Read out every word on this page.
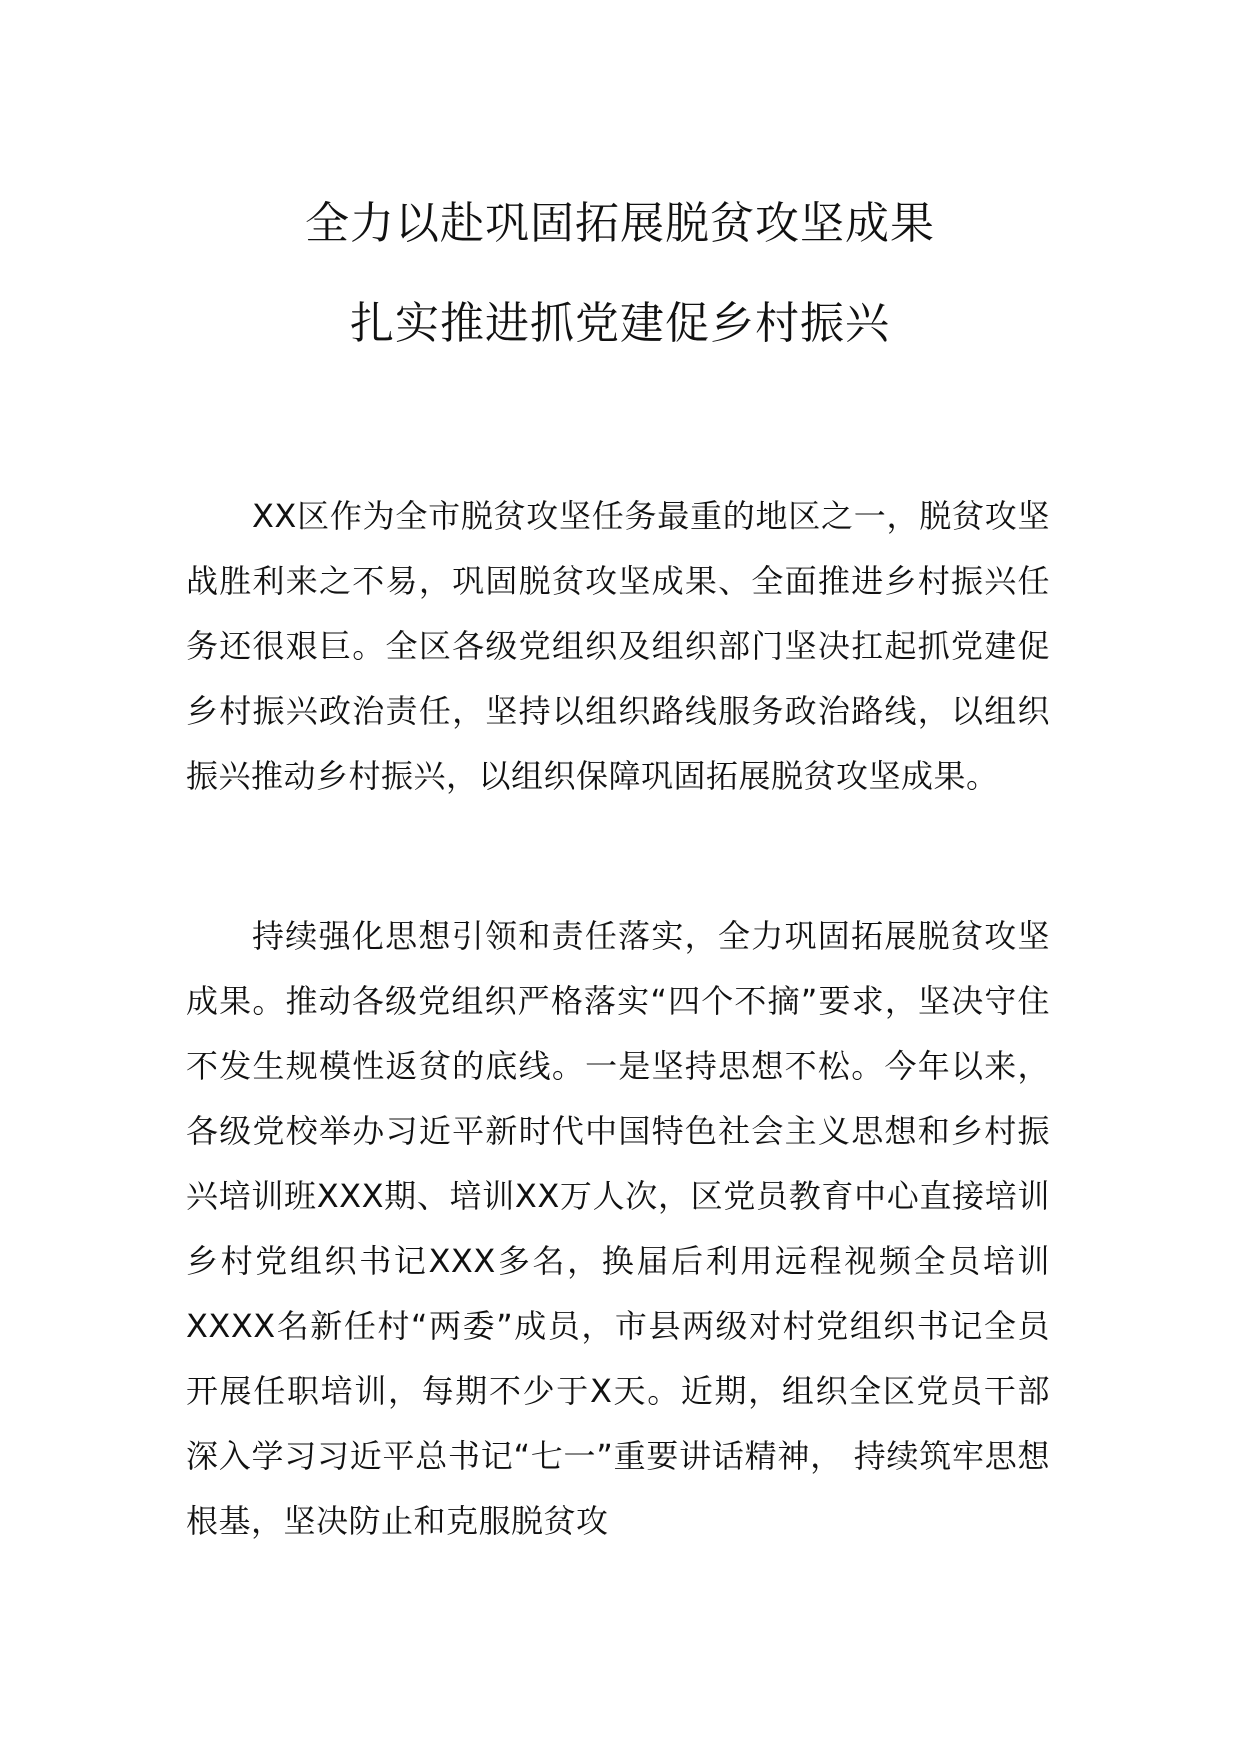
全力以赴巩固拓展脱贫攻坚成果
扎实推进抓党建促乡村振兴

XX区作为全市脱贫攻坚任务最重的地区之一，脱贫攻坚战胜利来之不易，巩固脱贫攻坚成果、全面推进乡村振兴任务还很艰巨。全区各级党组织及组织部门坚决扛起抓党建促乡村振兴政治责任，坚持以组织路线服务政治路线，以组织振兴推动乡村振兴，以组织保障巩固拓展脱贫攻坚成果。

持续强化思想引领和责任落实，全力巩固拓展脱贫攻坚成果。推动各级党组织严格落实“四个不摘”要求，坚决守住不发生规模性返贫的底线。一是坚持思想不松。今年以来，各级党校举办习近平新时代中国特色社会主义思想和乡村振兴培训班XXX期、培训XX万人次，区党员教育中心直接培训乡村党组织书记XXX多名，换届后利用远程视频全员培训XXXX名新任村“两委”成员，市县两级对村党组织书记全员开展任职培训，每期不少于X天。近期，组织全区党员干部深入学习习近平总书记“七一”重要讲话精神， 持续筑牢思想根基，坚决防止和克服脱贫攻
